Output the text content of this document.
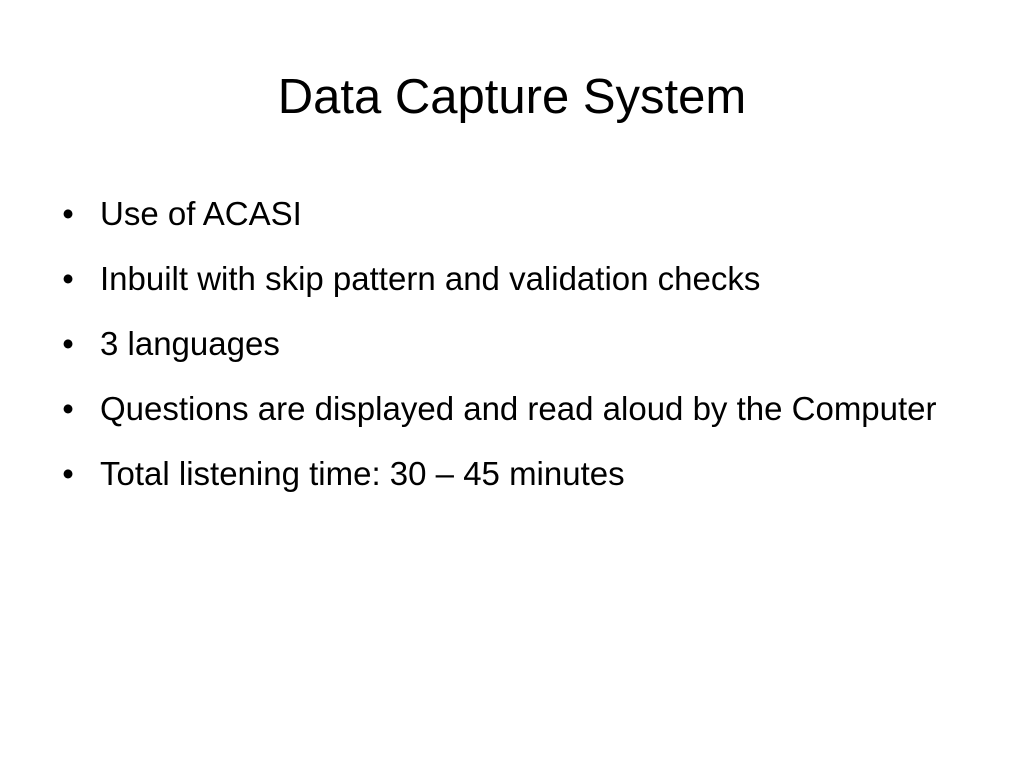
Data Capture System
• Use of ACASI
• Inbuilt with skip pattern and validation checks
• 3 languages
• Questions are displayed and read aloud by the Computer
• Total listening time: 30 – 45 minutes
